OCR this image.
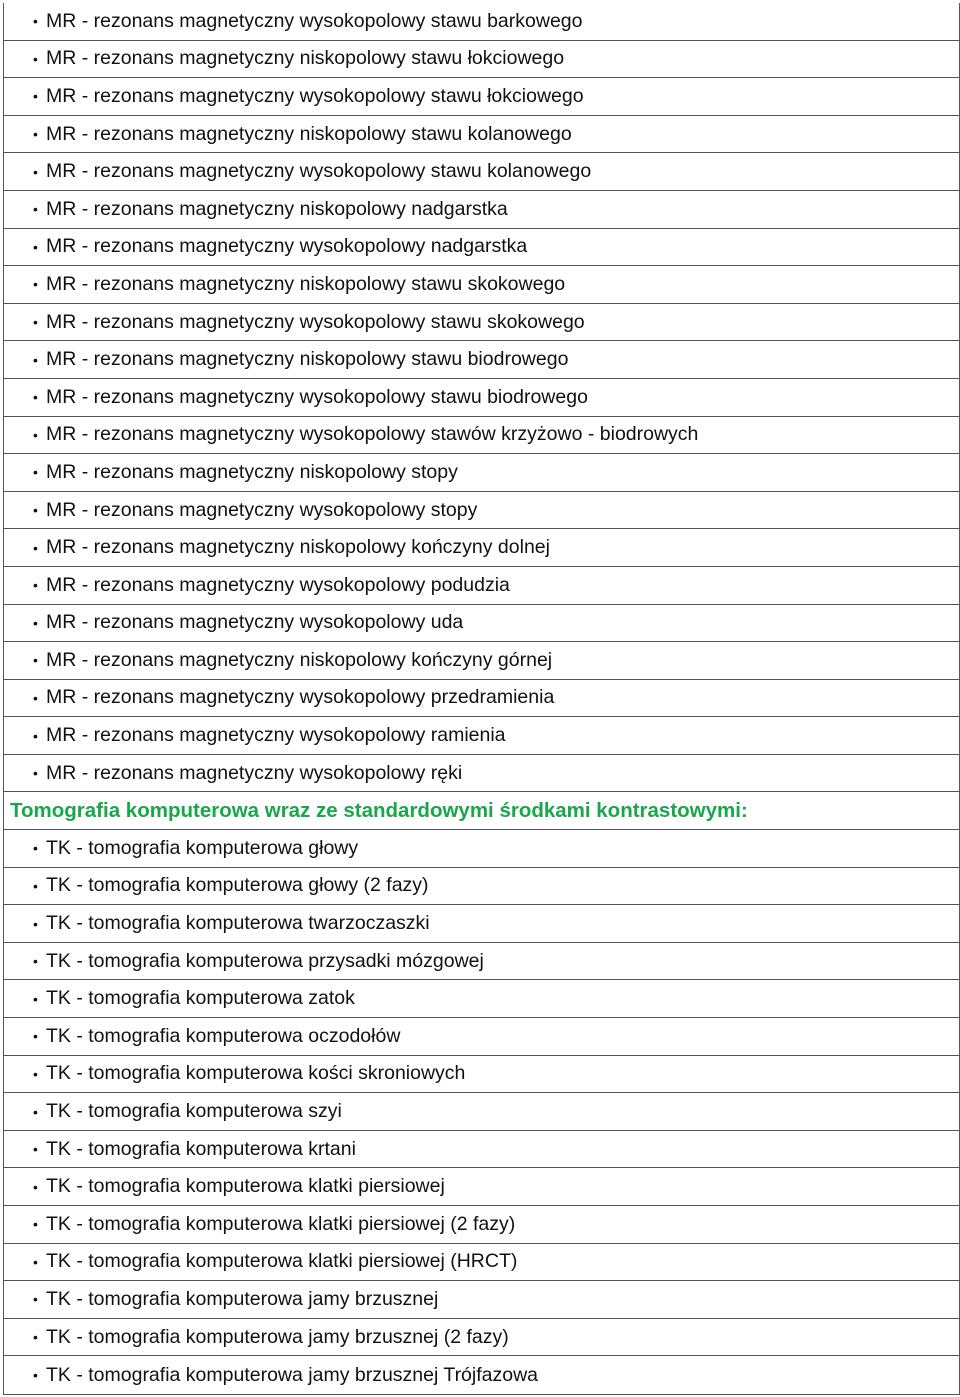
• MR - rezonans magnetyczny wysokopolowy stawu barkowego
• MR - rezonans magnetyczny niskopolowy stawu łokciowego
• MR - rezonans magnetyczny wysokopolowy stawu łokciowego
• MR - rezonans magnetyczny niskopolowy stawu kolanowego
• MR - rezonans magnetyczny wysokopolowy stawu kolanowego
• MR - rezonans magnetyczny niskopolowy nadgarstka
• MR - rezonans magnetyczny wysokopolowy nadgarstka
• MR - rezonans magnetyczny niskopolowy stawu skokowego
• MR - rezonans magnetyczny wysokopolowy stawu skokowego
• MR - rezonans magnetyczny niskopolowy stawu biodrowego
• MR - rezonans magnetyczny wysokopolowy stawu biodrowego
• MR - rezonans magnetyczny wysokopolowy stawów krzyżowo - biodrowych
• MR - rezonans magnetyczny niskopolowy stopy
• MR - rezonans magnetyczny wysokopolowy stopy
• MR - rezonans magnetyczny niskopolowy kończyny dolnej
• MR - rezonans magnetyczny wysokopolowy podudzia
• MR - rezonans magnetyczny wysokopolowy uda
• MR - rezonans magnetyczny niskopolowy kończyny górnej
• MR - rezonans magnetyczny wysokopolowy przedramienia
• MR - rezonans magnetyczny wysokopolowy ramienia
• MR - rezonans magnetyczny wysokopolowy ręki
Tomografia komputerowa wraz ze standardowymi środkami kontrastowymi:
• TK - tomografia komputerowa głowy
• TK - tomografia komputerowa głowy (2 fazy)
• TK - tomografia komputerowa twarzoczaszki
• TK - tomografia komputerowa przysadki mózgowej
• TK - tomografia komputerowa zatok
• TK - tomografia komputerowa oczodołów
• TK - tomografia komputerowa kości skroniowych
• TK - tomografia komputerowa szyi
• TK - tomografia komputerowa krtani
• TK - tomografia komputerowa klatki piersiowej
• TK - tomografia komputerowa klatki piersiowej (2 fazy)
• TK - tomografia komputerowa klatki piersiowej (HRCT)
• TK - tomografia komputerowa jamy brzusznej
• TK - tomografia komputerowa jamy brzusznej (2 fazy)
• TK - tomografia komputerowa jamy brzusznej Trójfazowa
